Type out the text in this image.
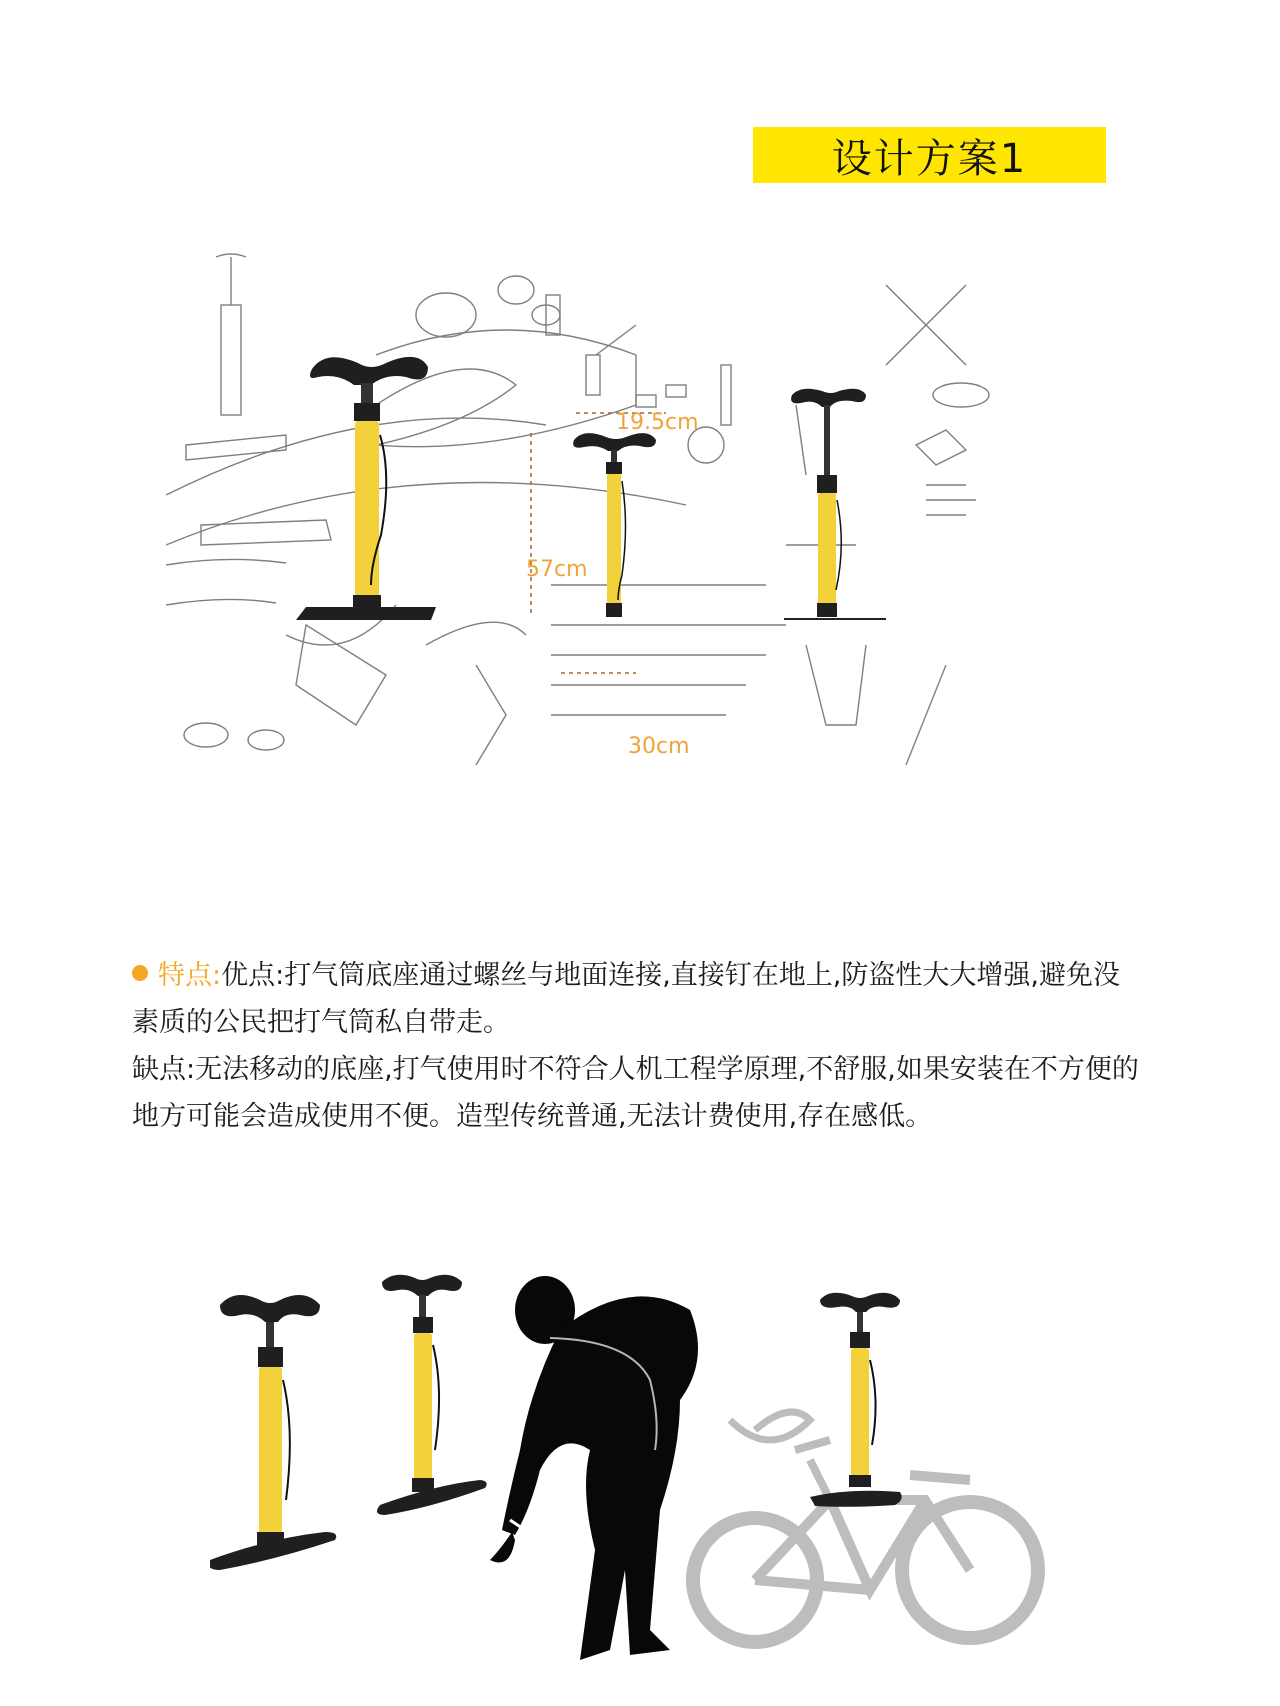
设计方案1
19.5cm
57cm
30cm

特点:优点:打气筒底座通过螺丝与地面连接,直接钉在地上,防盗性大大增强,避免没素质的公民把打气筒私自带走。

缺点:无法移动的底座,打气使用时不符合人机工程学原理,不舒服,如果安装在不方便的地方可能会造成使用不便。造型传统普通,无法计费使用,存在感低。
